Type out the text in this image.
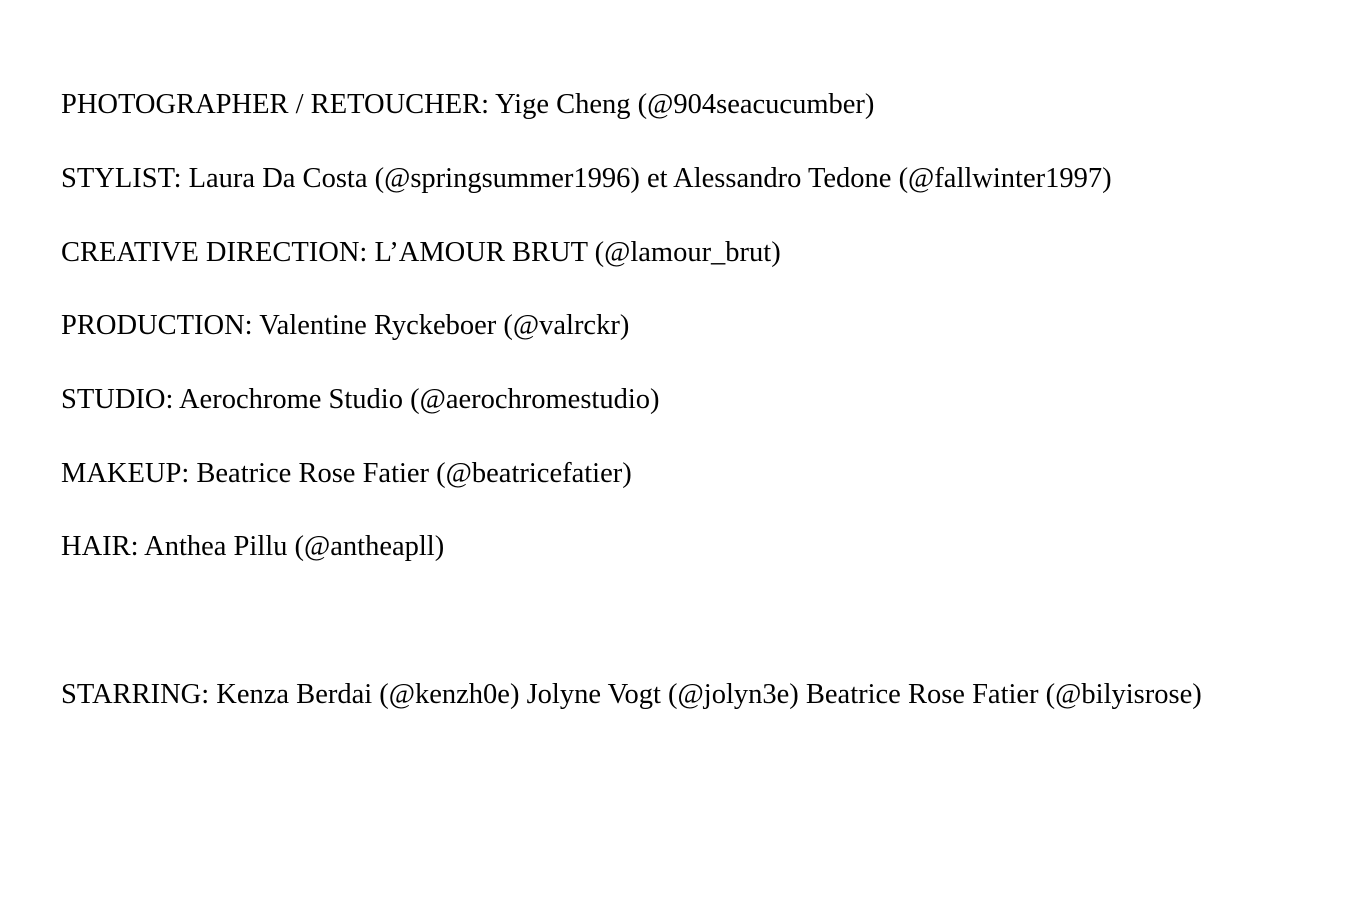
PHOTOGRAPHER / RETOUCHER: Yige Cheng (@904seacucumber)
STYLIST: Laura Da Costa (@springsummer1996) et Alessandro Tedone (@fallwinter1997)
CREATIVE DIRECTION: L’AMOUR BRUT (@lamour_brut)
PRODUCTION: Valentine Ryckeboer (@valrckr)
STUDIO: Aerochrome Studio (@aerochromestudio)
MAKEUP: Beatrice Rose Fatier (@beatricefatier)
HAIR: Anthea Pillu (@antheapll)
STARRING: Kenza Berdai (@kenzh0e) Jolyne Vogt (@jolyn3e) Beatrice Rose Fatier (@bilyisrose)
